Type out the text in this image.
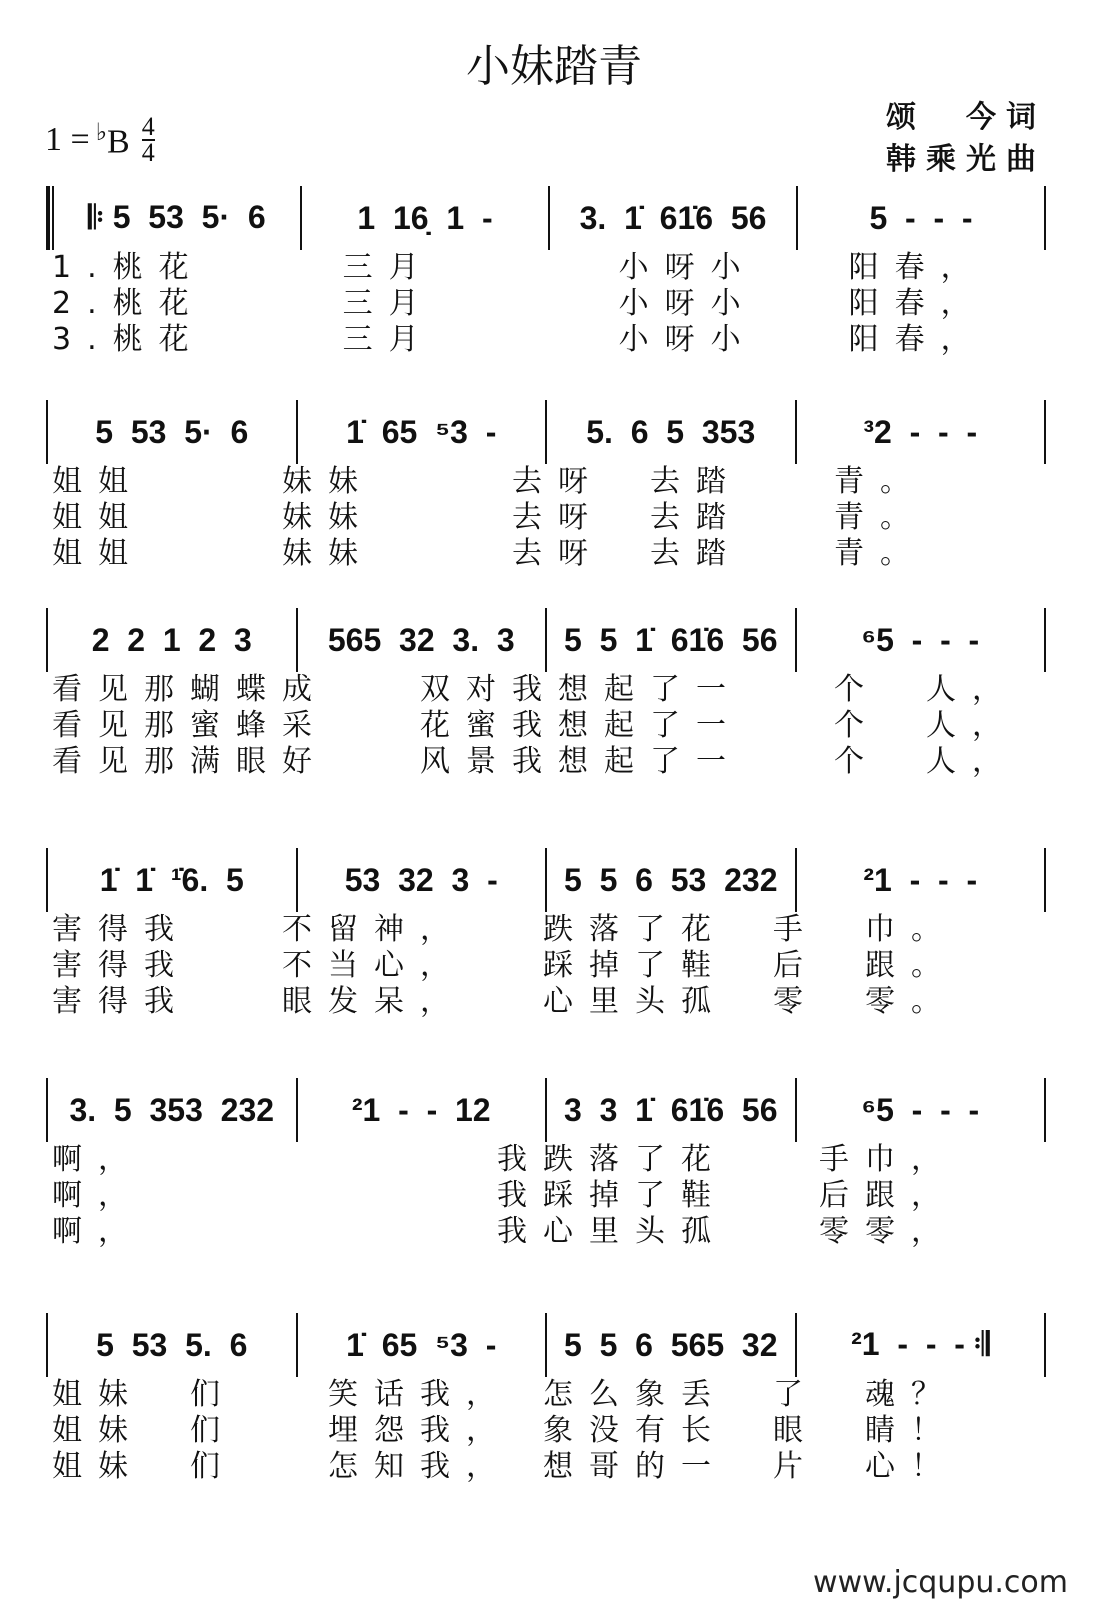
小妹踏青
$1 = ^♭B \frac{4}{4}$	颂　今词
韩乘光曲
𝄆 5  53  5·  6	1  16̣  1  -	3.  1̇  61̇6  56	5  -  -  -
1.桃花　　　三月　　　　小呀小　　阳春，
2.桃花　　　三月　　　　小呀小　　阳春，
3.桃花　　　三月　　　　小呀小　　阳春，
5  53  5·  6	1̇  65  ⁵3  -	5.  6  5  353	³2  -  -  -
姐姐　　　妹妹　　　去呀　去踏　　青。
姐姐　　　妹妹　　　去呀　去踏　　青。
姐姐　　　妹妹　　　去呀　去踏　　青。
2  2  1  2  3	565  32  3.  3	5  5  1̇  61̇6  56	⁶5  -  -  -
看见那蝴蝶成　　双对我想起了一　　个　人，
看见那蜜蜂采　　花蜜我想起了一　　个　人，
看见那满眼好　　风景我想起了一　　个　人，
1̇  1̇  ¹̇6.  5	53  32  3  -	5  5  6  53  232	²1  -  -  -
害得我　　不留神，　　跌落了花　手　巾。
害得我　　不当心，　　踩掉了鞋　后　跟。
害得我　　眼发呆，　　心里头孤　零　零。
3.  5  353  232	²1  -  -  12	3  3  1̇  61̇6  56	⁶5  -  -  -
啊，　　　　　　　　我跌落了花　　手巾，
啊，　　　　　　　　我踩掉了鞋　　后跟，
啊，　　　　　　　　我心里头孤　　零零，
5  53  5.  6	1̇  65  ⁵3  -	5  5  6  565  32	²1  -  -  - 𝄇
姐妹　们　　笑话我，　怎么象丢　了　魂？
姐妹　们　　埋怨我，　象没有长　眼　睛！
姐妹　们　　怎知我，　想哥的一　片　心！
www.jcqupu.com
